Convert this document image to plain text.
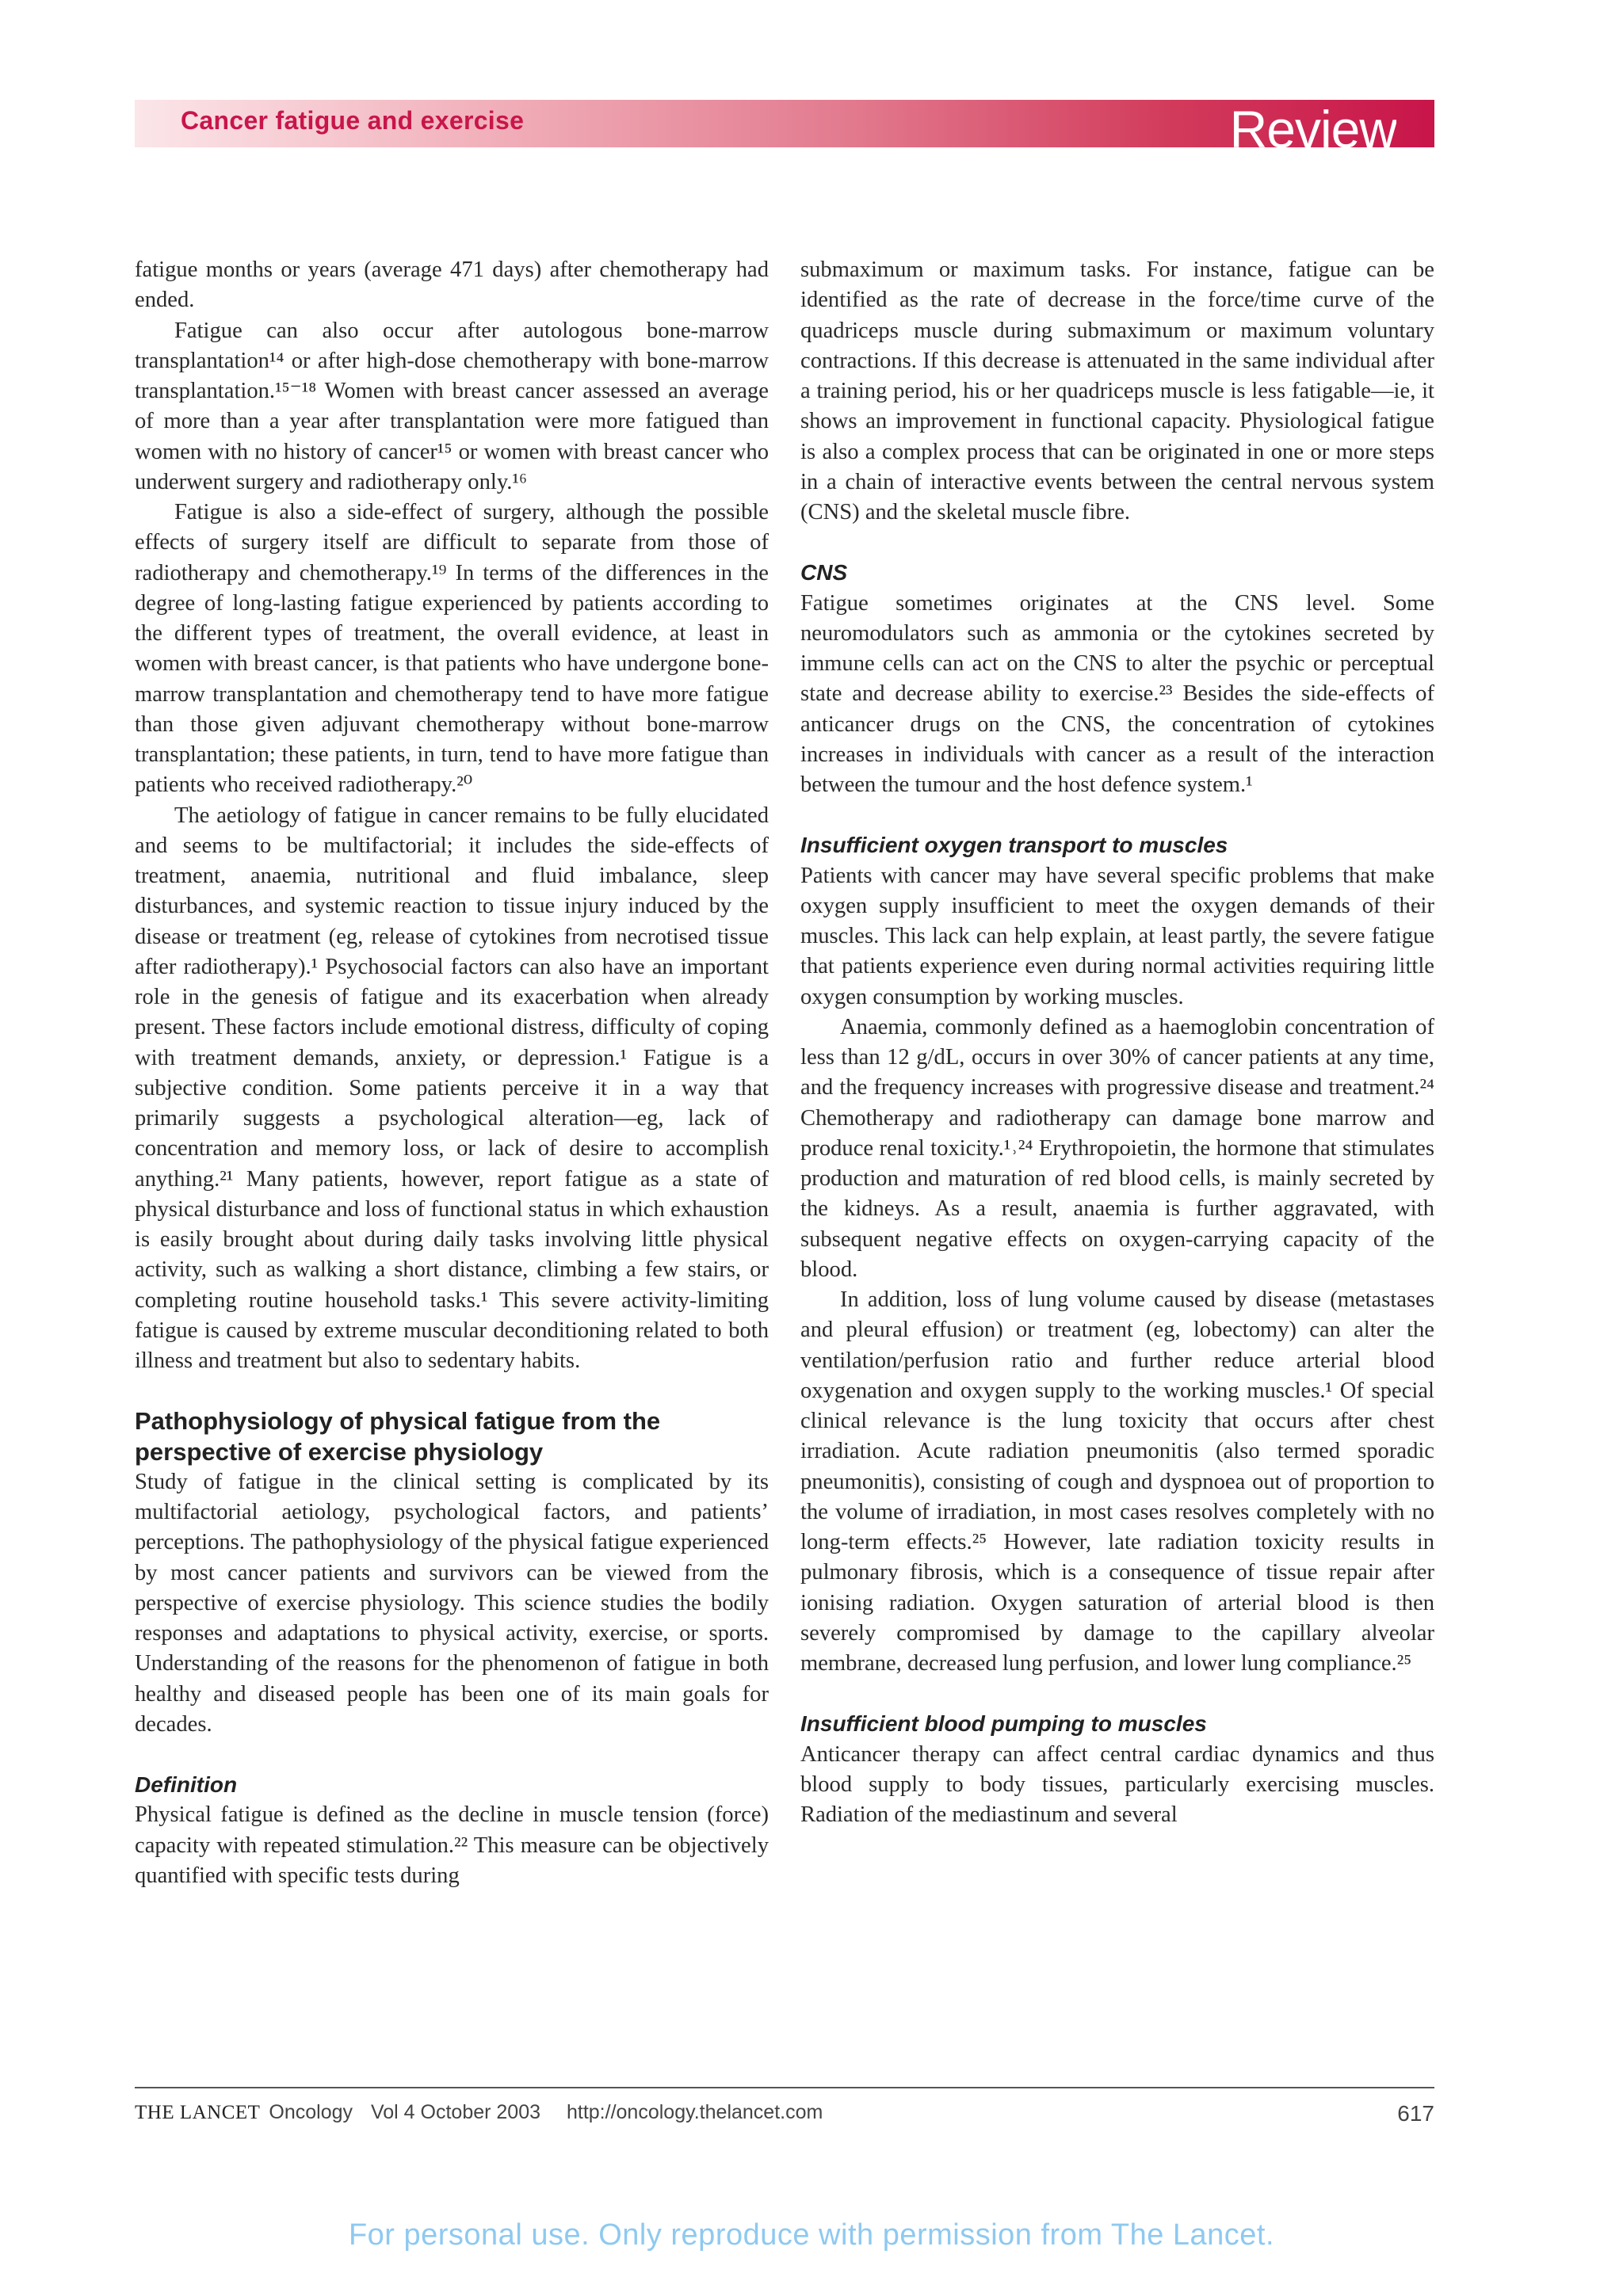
Cancer fatigue and exercise	Review

fatigue months or years (average 471 days) after chemotherapy had ended.

Fatigue can also occur after autologous bone-marrow transplantation¹⁴ or after high-dose chemotherapy with bone-marrow transplantation.¹⁵⁻¹⁸ Women with breast cancer assessed an average of more than a year after transplantation were more fatigued than women with no history of cancer¹⁵ or women with breast cancer who underwent surgery and radiotherapy only.¹⁶

Fatigue is also a side-effect of surgery, although the possible effects of surgery itself are difficult to separate from those of radiotherapy and chemotherapy.¹⁹ In terms of the differences in the degree of long-lasting fatigue experienced by patients according to the different types of treatment, the overall evidence, at least in women with breast cancer, is that patients who have undergone bone-marrow transplantation and chemotherapy tend to have more fatigue than those given adjuvant chemotherapy without bone-marrow transplantation; these patients, in turn, tend to have more fatigue than patients who received radiotherapy.²⁰

The aetiology of fatigue in cancer remains to be fully elucidated and seems to be multifactorial; it includes the side-effects of treatment, anaemia, nutritional and fluid imbalance, sleep disturbances, and systemic reaction to tissue injury induced by the disease or treatment (eg, release of cytokines from necrotised tissue after radiotherapy).¹ Psychosocial factors can also have an important role in the genesis of fatigue and its exacerbation when already present. These factors include emotional distress, difficulty of coping with treatment demands, anxiety, or depression.¹ Fatigue is a subjective condition. Some patients perceive it in a way that primarily suggests a psychological alteration—eg, lack of concentration and memory loss, or lack of desire to accomplish anything.²¹ Many patients, however, report fatigue as a state of physical disturbance and loss of functional status in which exhaustion is easily brought about during daily tasks involving little physical activity, such as walking a short distance, climbing a few stairs, or completing routine household tasks.¹ This severe activity-limiting fatigue is caused by extreme muscular deconditioning related to both illness and treatment but also to sedentary habits.

Pathophysiology of physical fatigue from the perspective of exercise physiology

Study of fatigue in the clinical setting is complicated by its multifactorial aetiology, psychological factors, and patients’ perceptions. The pathophysiology of the physical fatigue experienced by most cancer patients and survivors can be viewed from the perspective of exercise physiology. This science studies the bodily responses and adaptations to physical activity, exercise, or sports. Understanding of the reasons for the phenomenon of fatigue in both healthy and diseased people has been one of its main goals for decades.

Definition

Physical fatigue is defined as the decline in muscle tension (force) capacity with repeated stimulation.²² This measure can be objectively quantified with specific tests during

submaximum or maximum tasks. For instance, fatigue can be identified as the rate of decrease in the force/time curve of the quadriceps muscle during submaximum or maximum voluntary contractions. If this decrease is attenuated in the same individual after a training period, his or her quadriceps muscle is less fatigable—ie, it shows an improvement in functional capacity. Physiological fatigue is also a complex process that can be originated in one or more steps in a chain of interactive events between the central nervous system (CNS) and the skeletal muscle fibre.

CNS

Fatigue sometimes originates at the CNS level. Some neuromodulators such as ammonia or the cytokines secreted by immune cells can act on the CNS to alter the psychic or perceptual state and decrease ability to exercise.²³ Besides the side-effects of anticancer drugs on the CNS, the concentration of cytokines increases in individuals with cancer as a result of the interaction between the tumour and the host defence system.¹

Insufficient oxygen transport to muscles

Patients with cancer may have several specific problems that make oxygen supply insufficient to meet the oxygen demands of their muscles. This lack can help explain, at least partly, the severe fatigue that patients experience even during normal activities requiring little oxygen consumption by working muscles.

Anaemia, commonly defined as a haemoglobin concentration of less than 12 g/dL, occurs in over 30% of cancer patients at any time, and the frequency increases with progressive disease and treatment.²⁴ Chemotherapy and radiotherapy can damage bone marrow and produce renal toxicity.¹˒²⁴ Erythropoietin, the hormone that stimulates production and maturation of red blood cells, is mainly secreted by the kidneys. As a result, anaemia is further aggravated, with subsequent negative effects on oxygen-carrying capacity of the blood.

In addition, loss of lung volume caused by disease (metastases and pleural effusion) or treatment (eg, lobectomy) can alter the ventilation/perfusion ratio and further reduce arterial blood oxygenation and oxygen supply to the working muscles.¹ Of special clinical relevance is the lung toxicity that occurs after chest irradiation. Acute radiation pneumonitis (also termed sporadic pneumonitis), consisting of cough and dyspnoea out of proportion to the volume of irradiation, in most cases resolves completely with no long-term effects.²⁵ However, late radiation toxicity results in pulmonary fibrosis, which is a consequence of tissue repair after ionising radiation. Oxygen saturation of arterial blood is then severely compromised by damage to the capillary alveolar membrane, decreased lung perfusion, and lower lung compliance.²⁵

Insufficient blood pumping to muscles

Anticancer therapy can affect central cardiac dynamics and thus blood supply to body tissues, particularly exercising muscles. Radiation of the mediastinum and several

THE LANCET Oncology Vol 4 October 2003 http://oncology.thelancet.com	617
For personal use. Only reproduce with permission from The Lancet.
